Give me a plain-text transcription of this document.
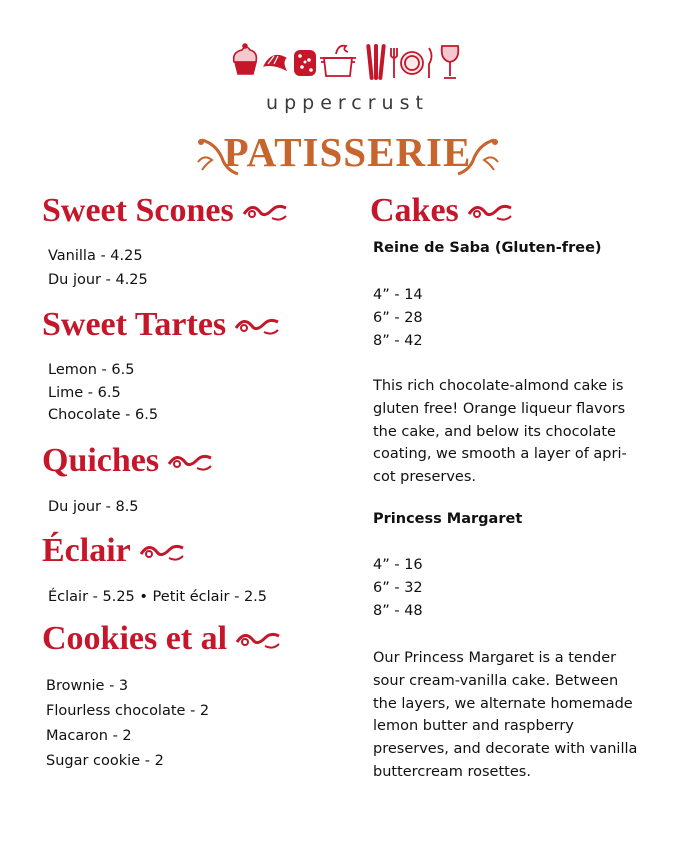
uppercrust
PATISSERIE
Sweet Scones
Vanilla - 4.25
Du jour - 4.25
Sweet Tartes
Lemon - 6.5
Lime - 6.5
Chocolate - 6.5
Quiches
Du jour - 8.5
Éclair
Éclair - 5.25 • Petit éclair - 2.5
Cookies et al
Brownie - 3
Flourless chocolate - 2
Macaron - 2
Sugar cookie - 2
Cakes
Reine de Saba (Gluten-free)
4” - 14
6” - 28
8” - 42
This rich chocolate-almond cake is
gluten free! Orange liqueur flavors
the cake, and below its chocolate
coating, we smooth a layer of apri-
cot preserves.
Princess Margaret
4” - 16
6” - 32
8” - 48
Our Princess Margaret is a tender
sour cream-vanilla cake. Between
the layers, we alternate homemade
lemon butter and raspberry
preserves, and decorate with vanilla
buttercream rosettes.
